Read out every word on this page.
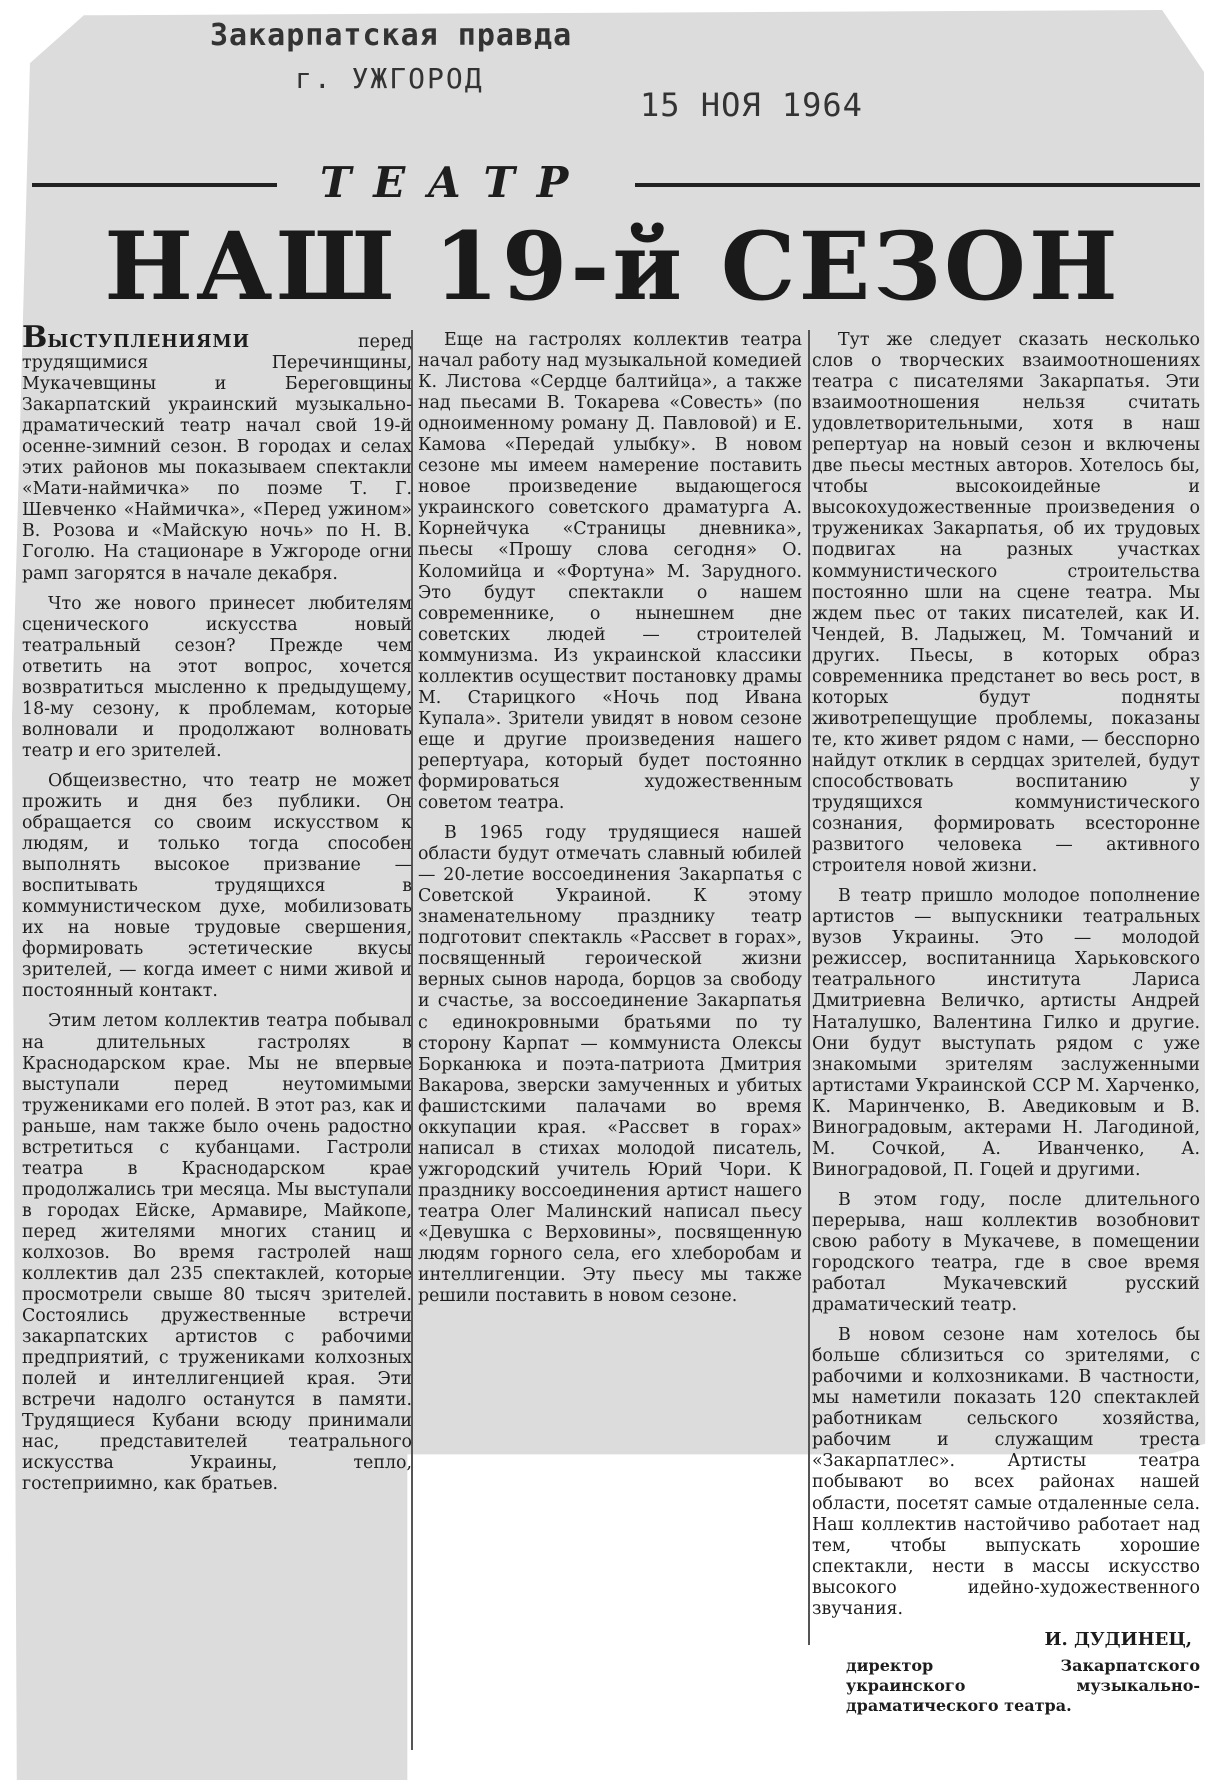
Закарпатская правда
г. УЖГОРОД
15 НОЯ 1964
ТЕАТР
НАШ 19-й СЕЗОН

ВЫСТУПЛЕНИЯМИ	перед трудящимися Перечинщины, Мукачевщины и Береговщины Закарпатский украинский музыкально-драматический театр начал свой 19-й осенне-зимний сезон. В городах и селах этих районов мы показываем спектакли «Мати-наймичка» по поэме Т. Г. Шевченко «Наймичка», «Перед ужином» В. Розова и «Майскую ночь» по Н. В. Гоголю. На стационаре в Ужгороде огни рамп загорятся в начале декабря.

Что же нового принесет любителям сценического искусства новый театральный сезон? Прежде чем ответить на этот вопрос, хочется возвратиться мысленно к предыдущему, 18-му сезону, к проблемам, которые волновали и продолжают волновать театр и его зрителей.

Общеизвестно, что театр не может прожить и дня без публики. Он обращается со своим искусством к людям, и только тогда способен выполнять высокое призвание — воспитывать трудящихся в коммунистическом духе, мобилизовать их на новые трудовые свершения, формировать эстетические вкусы зрителей, — когда имеет с ними живой и постоянный контакт.

Этим летом коллектив театра побывал на длительных гастролях в Краснодарском крае. Мы не впервые выступали перед неутомимыми тружениками его полей. В этот раз, как и раньше, нам также было очень радостно встретиться с кубанцами. Гастроли театра в Краснодарском крае продолжались три месяца. Мы выступали в городах Ейске, Армавире, Майкопе, перед жителями многих станиц и колхозов. Во время гастролей наш коллектив дал 235 спектаклей, которые просмотрели свыше 80 тысяч зрителей. Состоялись дружественные встречи закарпатских артистов с рабочими предприятий, с тружениками колхозных полей и интеллигенцией края. Эти встречи надолго останутся в памяти. Трудящиеся Кубани всюду принимали нас, представителей театрального искусства Украины, тепло, гостеприимно, как братьев.

Еще на гастролях коллектив театра начал работу над музыкальной комедией К. Листова «Сердце балтийца», а также над пьесами В. Токарева «Совесть» (по одноименному роману Д. Павловой) и Е. Камова «Передай улыбку». В новом сезоне мы имеем намерение поставить новое произведение выдающегося украинского советского драматурга А. Корнейчука «Страницы дневника», пьесы «Прошу слова сегодня» О. Коломийца и «Фортуна» М. Зарудного. Это будут спектакли о нашем современнике, о нынешнем дне советских людей — строителей коммунизма. Из украинской классики коллектив осуществит постановку драмы М. Старицкого «Ночь под Ивана Купала». Зрители увидят в новом сезоне еще и другие произведения нашего репертуара, который будет постоянно формироваться художественным советом театра.

В 1965 году трудящиеся нашей области будут отмечать славный юбилей — 20-летие воссоединения Закарпатья с Советской Украиной. К этому знаменательному празднику театр подготовит спектакль «Рассвет в горах», посвященный героической жизни верных сынов народа, борцов за свободу и счастье, за воссоединение Закарпатья с единокровными братьями по ту сторону Карпат — коммуниста Олексы Борканюка и поэта-патриота Дмитрия Вакарова, зверски замученных и убитых фашистскими палачами во время оккупации края. «Рассвет в горах» написал в стихах молодой писатель, ужгородский учитель Юрий Чори. К празднику воссоединения артист нашего театра Олег Малинский написал пьесу «Девушка с Верховины», посвященную людям горного села, его хлеборобам и интеллигенции. Эту пьесу мы также решили поставить в новом сезоне.

Тут же следует сказать несколько слов о творческих взаимоотношениях театра с писателями Закарпатья. Эти взаимоотношения нельзя считать удовлетворительными, хотя в наш репертуар на новый сезон и включены две пьесы местных авторов. Хотелось бы, чтобы высокоидейные и высокохудожественные произведения о тружениках Закарпатья, об их трудовых подвигах на разных участках коммунистического строительства постоянно шли на сцене театра. Мы ждем пьес от таких писателей, как И. Чендей, В. Ладыжец, М. Томчаний и других. Пьесы, в которых образ современника предстанет во весь рост, в которых будут подняты животрепещущие проблемы, показаны те, кто живет рядом с нами, — бесспорно найдут отклик в сердцах зрителей, будут способствовать воспитанию у трудящихся коммунистического сознания, формировать всесторонне развитого человека — активного строителя новой жизни.

В театр пришло молодое пополнение артистов — выпускники театральных вузов Украины. Это — молодой режиссер, воспитанница Харьковского театрального института Лариса Дмитриевна Величко, артисты Андрей Наталушко, Валентина Гилко и другие. Они будут выступать рядом с уже знакомыми зрителям заслуженными артистами Украинской ССР М. Харченко, К. Маринченко, В. Аведиковым и В. Виноградовым, актерами Н. Лагодиной, М. Сочкой, А. Иванченко, А. Виноградовой, П. Гоцей и другими.

В этом году, после длительного перерыва, наш коллектив возобновит свою работу в Мукачеве, в помещении городского театра, где в свое время работал Мукачевский русский драматический театр.

В новом сезоне нам хотелось бы больше сблизиться со зрителями, с рабочими и колхозниками. В частности, мы наметили показать 120 спектаклей работникам сельского хозяйства, рабочим и служащим треста «Закарпатлес». Артисты театра побывают во всех районах нашей области, посетят самые отдаленные села. Наш коллектив настойчиво работает над тем, чтобы выпускать хорошие спектакли, нести в массы искусство высокого идейно-художественного звучания.

И. ДУДИНЕЦ,
директор Закарпатского украинского музыкально-драматического театра.
